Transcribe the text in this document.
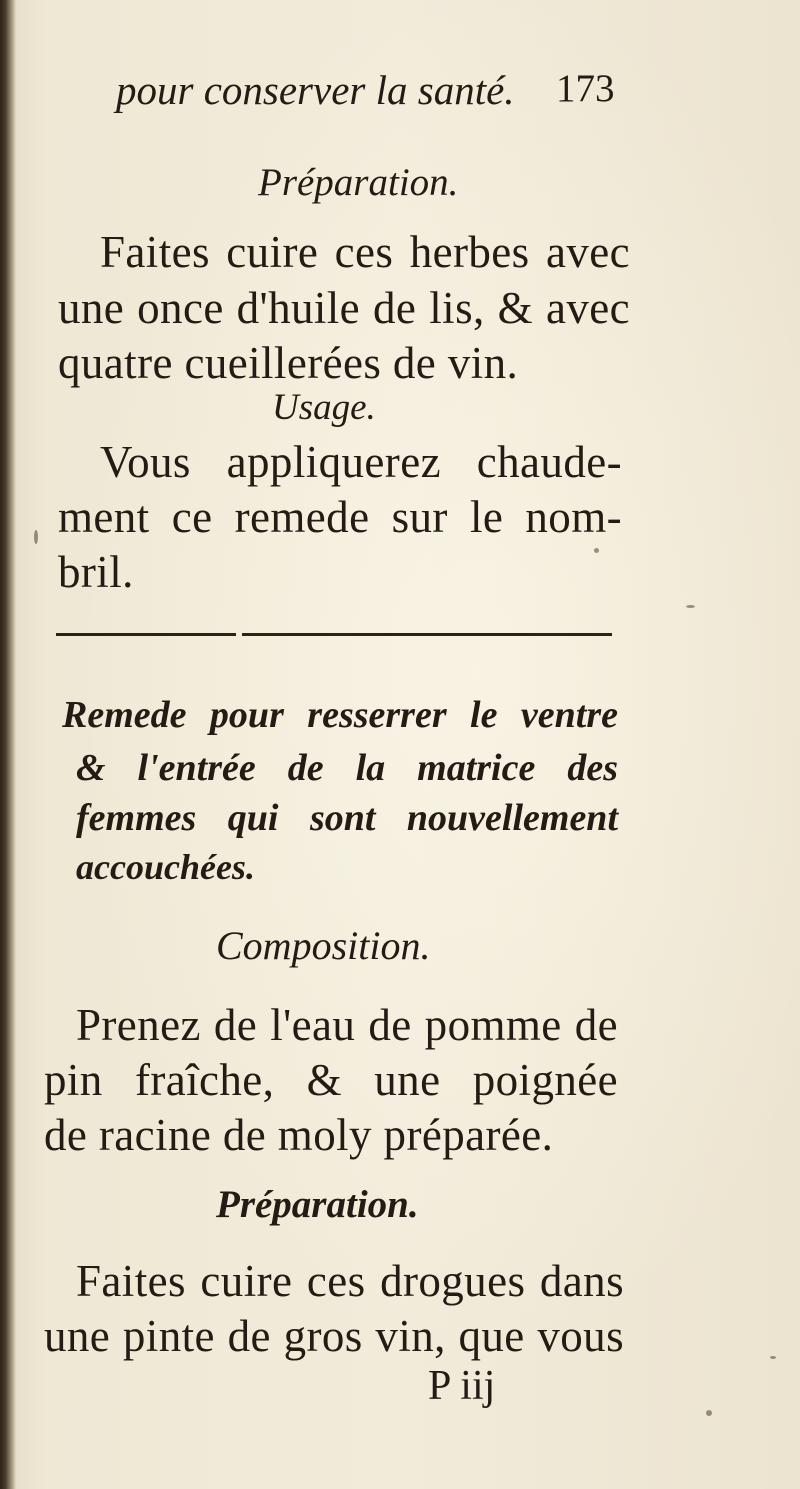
pour conserver la santé.	173

Préparation.

Faites cuire ces herbes avec

une once d'huile de lis, & avec

quatre cueillerées de vin.

Usage.

Vous appliquerez chaude-

ment ce remede sur le nom-

bril.

Remede pour resserrer le ventre

& l'entrée de la matrice des

femmes qui sont nouvellement

accouchées.

Composition.

Prenez de l'eau de pomme de

pin fraîche, & une poignée

de racine de moly préparée.

Préparation.

Faites cuire ces drogues dans

une pinte de gros vin, que vous

P iij
